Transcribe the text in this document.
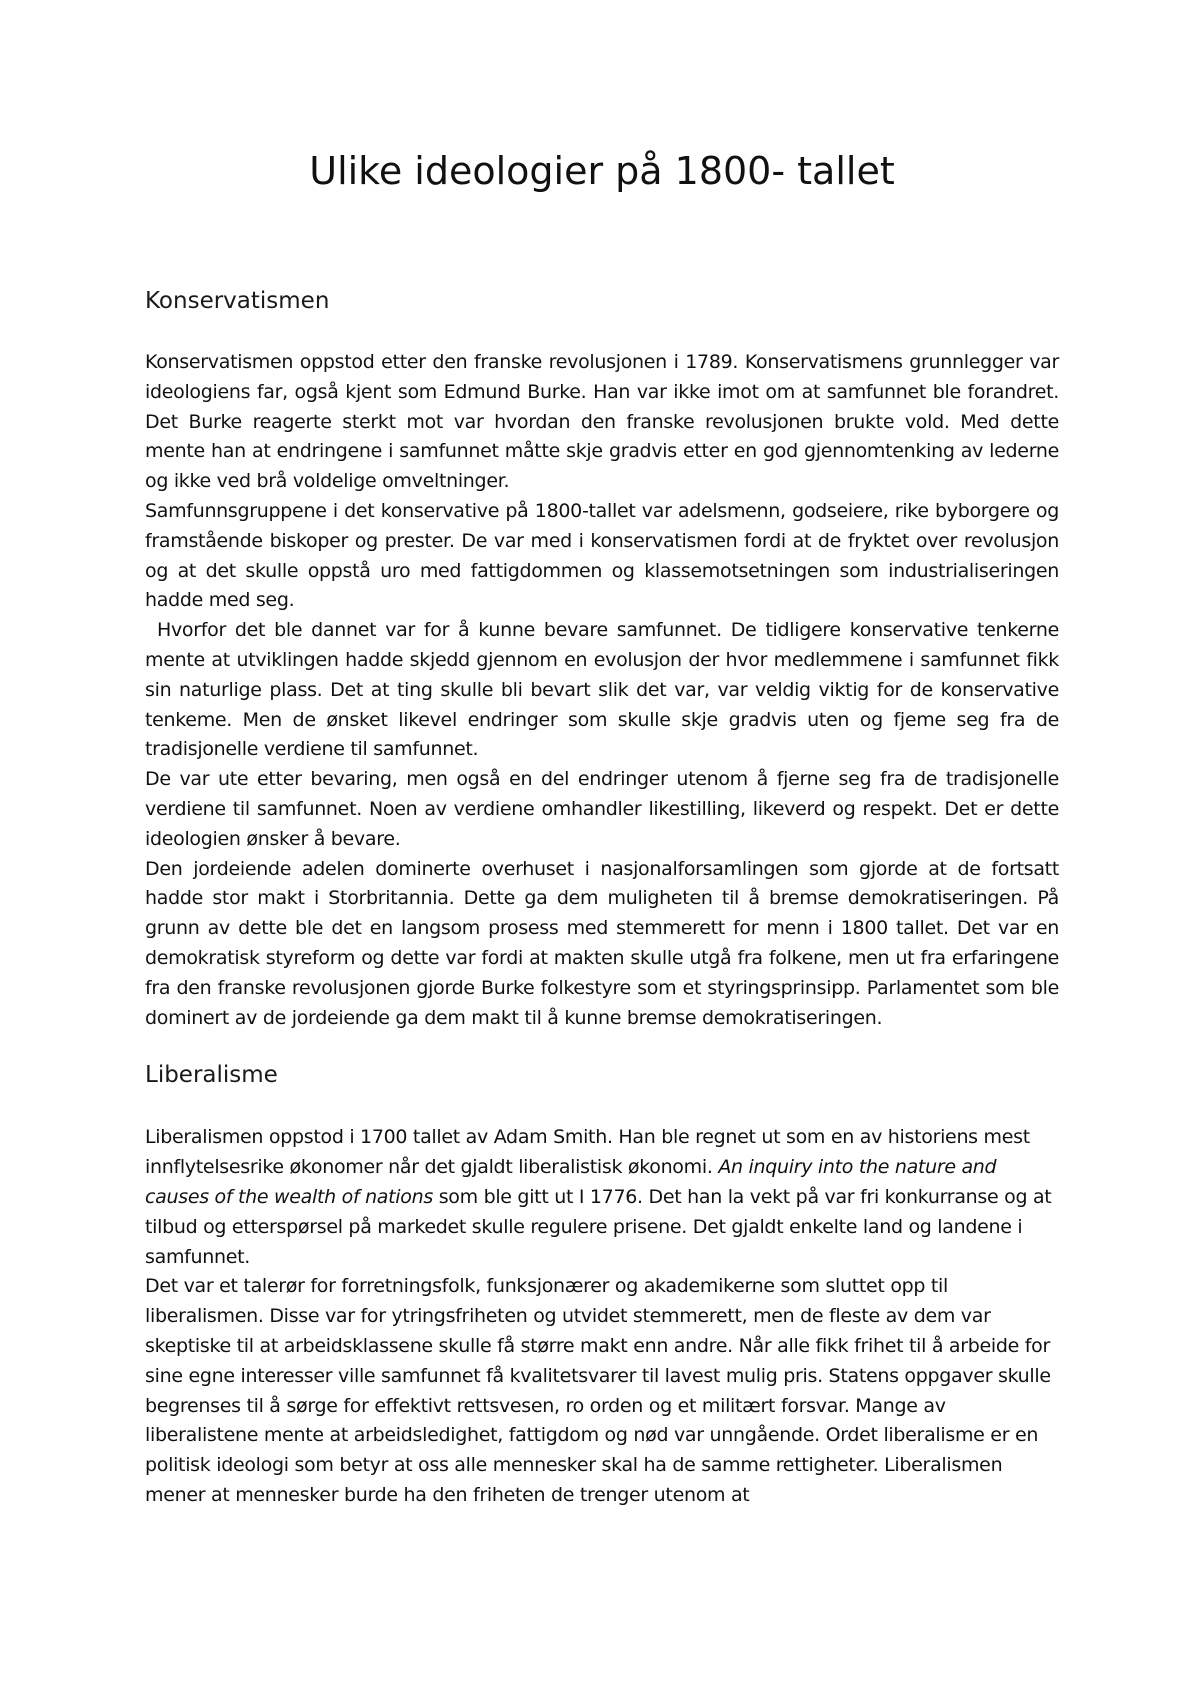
Ulike ideologier på 1800- tallet
Konservatismen

Konservatismen oppstod etter den franske revolusjonen i 1789. Konservatismens grunnlegger var ideologiens far, også kjent som Edmund Burke. Han var ikke imot om at samfunnet ble forandret. Det Burke reagerte sterkt mot var hvordan den franske revolusjonen brukte vold. Med dette mente han at endringene i samfunnet måtte skje gradvis etter en god gjennomtenking av lederne og ikke ved brå voldelige omveltninger.

Samfunnsgruppene i det konservative på 1800-tallet var adelsmenn, godseiere, rike byborgere og framstående biskoper og prester. De var med i konservatismen fordi at de fryktet over revolusjon og at det skulle oppstå uro med fattigdommen og klassemotsetningen som industrialiseringen hadde med seg.

Hvorfor det ble dannet var for å kunne bevare samfunnet. De tidligere konservative tenkerne mente at utviklingen hadde skjedd gjennom en evolusjon der hvor medlemmene i samfunnet fikk sin naturlige plass. Det at ting skulle bli bevart slik det var, var veldig viktig for de konservative tenkeme. Men de ønsket likevel endringer som skulle skje gradvis uten og fjeme seg fra de tradisjonelle verdiene til samfunnet.

De var ute etter bevaring, men også en del endringer utenom å fjerne seg fra de tradisjonelle verdiene til samfunnet. Noen av verdiene omhandler likestilling, likeverd og respekt. Det er dette ideologien ønsker å bevare.

Den jordeiende adelen dominerte overhuset i nasjonalforsamlingen som gjorde at de fortsatt hadde stor makt i Storbritannia. Dette ga dem muligheten til å bremse demokratiseringen. På grunn av dette ble det en langsom prosess med stemmerett for menn i 1800 tallet. Det var en demokratisk styreform og dette var fordi at makten skulle utgå fra folkene, men ut fra erfaringene fra den franske revolusjonen gjorde Burke folkestyre som et styringsprinsipp. Parlamentet som ble dominert av de jordeiende ga dem makt til å kunne bremse demokratiseringen.

Liberalisme

Liberalismen oppstod i 1700 tallet av Adam Smith. Han ble regnet ut som en av historiens mest innflytelsesrike økonomer når det gjaldt liberalistisk økonomi. An inquiry into the nature and causes of the wealth of nations som ble gitt ut I 1776. Det han la vekt på var fri konkurranse og at tilbud og etterspørsel på markedet skulle regulere prisene. Det gjaldt enkelte land og landene i samfunnet.

Det var et talerør for forretningsfolk, funksjonærer og akademikerne som sluttet opp til liberalismen. Disse var for ytringsfriheten og utvidet stemmerett, men de fleste av dem var skeptiske til at arbeidsklassene skulle få større makt enn andre. Når alle fikk frihet til å arbeide for sine egne interesser ville samfunnet få kvalitetsvarer til lavest mulig pris. Statens oppgaver skulle begrenses til å sørge for effektivt rettsvesen, ro orden og et militært forsvar. Mange av liberalistene mente at arbeidsledighet, fattigdom og nød var unngående. Ordet liberalisme er en politisk ideologi som betyr at oss alle mennesker skal ha de samme rettigheter. Liberalismen mener at mennesker burde ha den friheten de trenger utenom at
